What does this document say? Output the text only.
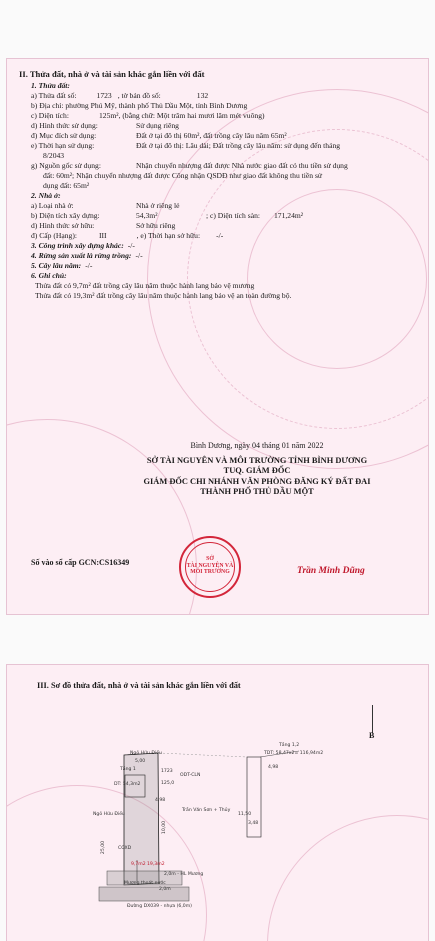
II. Thửa đất, nhà ở và tài sản khác gắn liền với đất
1. Thửa đất:
a) Thửa đất số:	1723 , tờ bản đồ số:	132
b) Địa chỉ: phường Phú Mỹ, thành phố Thủ Dầu Một, tỉnh Bình Dương
c) Diện tích:	125m², (bằng chữ: Một trăm hai mươi lăm mét vuông)
d) Hình thức sử dụng:	Sử dụng riêng
đ) Mục đích sử dụng:	Đất ở tại đô thị 60m², đất trồng cây lâu năm 65m²
e) Thời hạn sử dụng:	Đất ở tại đô thị: Lâu dài; Đất trồng cây lâu năm: sử dụng đến tháng
8/2043
g) Nguồn gốc sử dụng:	Nhận chuyển nhượng đất được Nhà nước giao đất có thu tiền sử dụng
đất: 60m²; Nhận chuyển nhượng đất được Công nhận QSDĐ như giao đất không thu tiền sử
dụng đất: 65m²
2. Nhà ở:
a) Loại nhà ở:	Nhà ở riêng lẻ
b) Diện tích xây dựng:	54,3m²	; c) Diện tích sàn: 171,24m²
d) Hình thức sở hữu:	Sở hữu riêng
đ) Cấp (Hạng):	III	, e) Thời hạn sở hữu: -/-
3. Công trình xây dựng khác: -/-
4. Rừng sản xuất là rừng trồng: -/-
5. Cây lâu năm: -/-
6. Ghi chú:
Thửa đất có 9,7m² đất trồng cây lâu năm thuộc hành lang bảo vệ mương
Thửa đất có 19,3m² đất trồng cây lâu năm thuộc hành lang bảo vệ an toàn đường bộ.
Bình Dương, ngày 04 tháng 01 năm 2022
SỞ TÀI NGUYÊN VÀ MÔI TRƯỜNG TỈNH BÌNH DƯƠNG
TUQ. GIÁM ĐỐC
GIÁM ĐỐC CHI NHÁNH VĂN PHÒNG ĐĂNG KÝ ĐẤT ĐAI
THÀNH PHỐ THỦ DẦU MỘT
SỞ
TÀI NGUYÊN VÀ
MÔI TRƯỜNG
Số vào sổ cấp GCN:CS16349
Trần Minh Dũng
III. Sơ đồ thửa đất, nhà ở và tài sản khác gắn liền với đất
B
Ngõ Hữu Điều
Ngõ Hữu Điều
Tầng 1
DT: 54,3m2
Tầng 1,2
TDT: 58,47x2= 116,94m2
1723
ODT-CLN
125,0
Trần Văn Sơn + Thủy
COXD
9,7m2 19,3m2
Mương thoát nước
2,0m - HL Mương
Đường DX039 - nhựa (6,0m)
5,00
4,98
4,98
11,50
3,48
2,0m
25,00
10,00
